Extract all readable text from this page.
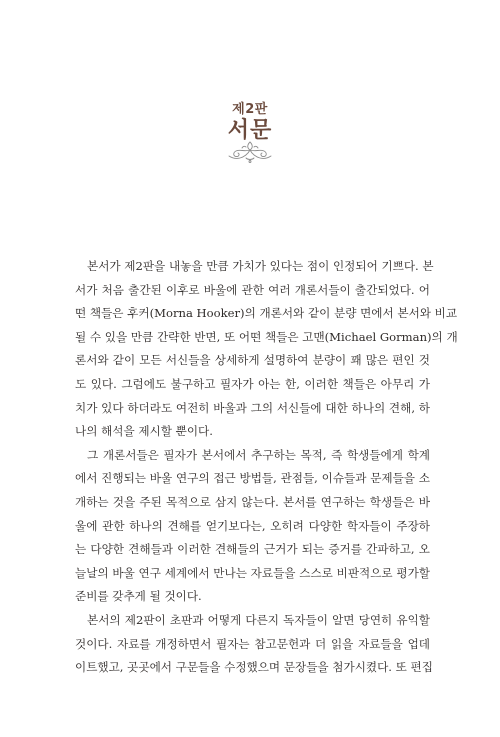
제2판
서문
본서가 제2판을 내놓을 만큼 가치가 있다는 점이 인정되어 기쁘다. 본
서가 처음 출간된 이후로 바울에 관한 여러 개론서들이 출간되었다. 어
떤 책들은 후커(Morna Hooker)의 개론서와 같이 분량 면에서 본서와 비교
될 수 있을 만큼 간략한 반면, 또 어떤 책들은 고맨(Michael Gorman)의 개
론서와 같이 모든 서신들을 상세하게 설명하여 분량이 꽤 많은 편인 것
도 있다. 그럼에도 불구하고 필자가 아는 한, 이러한 책들은 아무리 가
치가 있다 하더라도 여전히 바울과 그의 서신들에 대한 하나의 견해, 하
나의 해석을 제시할 뿐이다.
그 개론서들은 필자가 본서에서 추구하는 목적, 즉 학생들에게 학계
에서 진행되는 바울 연구의 접근 방법들, 관점들, 이슈들과 문제들을 소
개하는 것을 주된 목적으로 삼지 않는다. 본서를 연구하는 학생들은 바
울에 관한 하나의 견해를 얻기보다는, 오히려 다양한 학자들이 주장하
는 다양한 견해들과 이러한 견해들의 근거가 되는 증거를 간파하고, 오
늘날의 바울 연구 세계에서 만나는 자료들을 스스로 비판적으로 평가할
준비를 갖추게 될 것이다.
본서의 제2판이 초판과 어떻게 다른지 독자들이 알면 당연히 유익할
것이다. 자료를 개정하면서 필자는 참고문헌과 더 읽을 자료들을 업데
이트했고, 곳곳에서 구문들을 수정했으며 문장들을 첨가시켰다. 또 편집
